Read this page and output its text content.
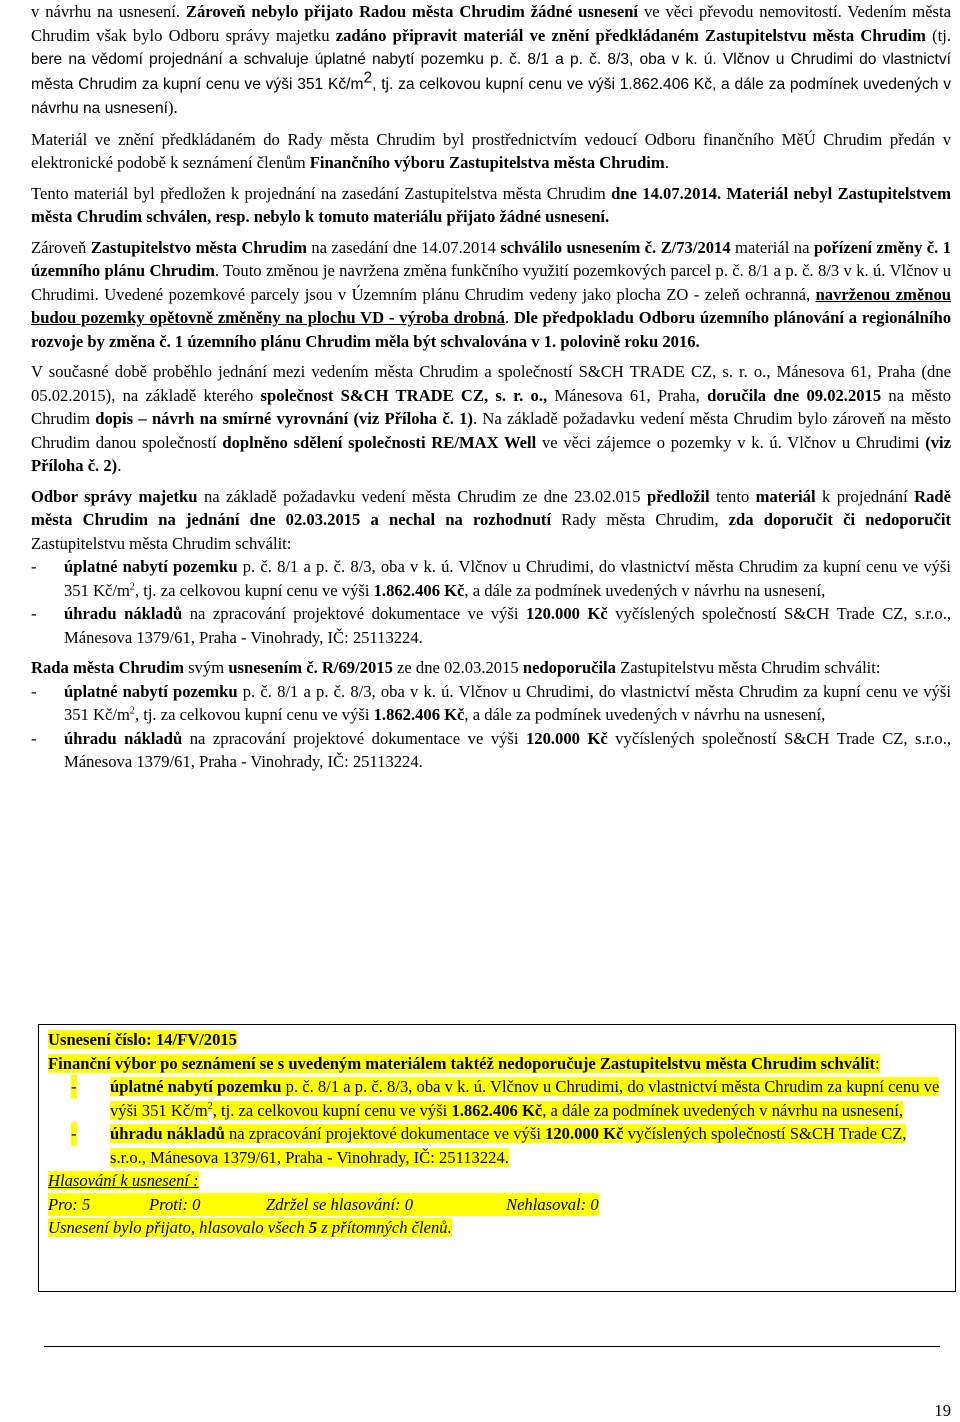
v návrhu na usnesení. Zároveň nebylo přijato Radou města Chrudim žádné usnesení ve věci převodu nemovitostí. Vedením města Chrudim však bylo Odboru správy majetku zadáno připravit materiál ve znění předkládaném Zastupitelstvu města Chrudim (tj. bere na vědomí projednání a schvaluje úplatné nabytí pozemku p. č. 8/1 a p. č. 8/3, oba v k. ú. Vlčnov u Chrudimi do vlastnictví města Chrudim za kupní cenu ve výši 351 $Kč/m^2$, tj. za celkovou kupní cenu ve výši 1.862.406 Kč, a dále za podmínek uvedených v návrhu na usnesení).

Materiál ve znění předkládaném do Rady města Chrudim byl prostřednictvím vedoucí Odboru finančního MěÚ Chrudim předán v elektronické podobě k seznámení členům Finančního výboru Zastupitelstva města Chrudim.

Tento materiál byl předložen k projednání na zasedání Zastupitelstva města Chrudim dne 14.07.2014. Materiál nebyl Zastupitelstvem města Chrudim schválen, resp. nebylo k tomuto materiálu přijato žádné usnesení.

Zároveň Zastupitelstvo města Chrudim na zasedání dne 14.07.2014 schválilo usnesením č. Z/73/2014 materiál na pořízení změny č. 1 územního plánu Chrudim. Touto změnou je navržena změna funkčního využití pozemkových parcel p. č. 8/1 a p. č. 8/3 v k. ú. Vlčnov u Chrudimi. Uvedené pozemkové parcely jsou v Územním plánu Chrudim vedeny jako plocha ZO - zeleň ochranná, navrženou změnou budou pozemky opětovně změněny na plochu VD - výroba drobná. Dle předpokladu Odboru územního plánování a regionálního rozvoje by změna č. 1 územního plánu Chrudim měla být schvalována v 1. polovině roku 2016.

V současné době proběhlo jednání mezi vedením města Chrudim a společností S&CH TRADE CZ, s. r. o., Mánesova 61, Praha (dne 05.02.2015), na základě kterého společnost S&CH TRADE CZ, s. r. o., Mánesova 61, Praha, doručila dne 09.02.2015 na město Chrudim dopis – návrh na smírné vyrovnání (viz Příloha č. 1). Na základě požadavku vedení města Chrudim bylo zároveň na město Chrudim danou společností doplněno sdělení společnosti RE/MAX Well ve věci zájemce o pozemky v k. ú. Vlčnov u Chrudimi (viz Příloha č. 2).

Odbor správy majetku na základě požadavku vedení města Chrudim ze dne 23.02.015 předložil tento materiál k projednání Radě města Chrudim na jednání dne 02.03.2015 a nechal na rozhodnutí Rady města Chrudim, zda doporučit či nedoporučit Zastupitelstvu města Chrudim schválit:

- úplatné nabytí pozemku p. č. 8/1 a p. č. 8/3, oba v k. ú. Vlčnov u Chrudimi, do vlastnictví města Chrudim za kupní cenu ve výši 351 $Kč/m^2$, tj. za celkovou kupní cenu ve výši 1.862.406 Kč, a dále za podmínek uvedených v návrhu na usnesení,

- úhradu nákladů na zpracování projektové dokumentace ve výši 120.000 Kč vyčíslených společností S&CH Trade CZ, s.r.o., Mánesova 1379/61, Praha - Vinohrady, IČ: 25113224.

Rada města Chrudim svým usnesením č. R/69/2015 ze dne 02.03.2015 nedoporučila Zastupitelstvu města Chrudim schválit:

- úplatné nabytí pozemku p. č. 8/1 a p. č. 8/3, oba v k. ú. Vlčnov u Chrudimi, do vlastnictví města Chrudim za kupní cenu ve výši 351 $Kč/m^2$, tj. za celkovou kupní cenu ve výši 1.862.406 Kč, a dále za podmínek uvedených v návrhu na usnesení,

- úhradu nákladů na zpracování projektové dokumentace ve výši 120.000 Kč vyčíslených společností S&CH Trade CZ, s.r.o., Mánesova 1379/61, Praha - Vinohrady, IČ: 25113224.

Usnesení číslo: 14/FV/2015

Finanční výbor po seznámení se s uvedeným materiálem taktéž nedoporučuje Zastupitelstvu města Chrudim schválit:

- úplatné nabytí pozemku p. č. 8/1 a p. č. 8/3, oba v k. ú. Vlčnov u Chrudimi, do vlastnictví města Chrudim za kupní cenu ve výši 351 $Kč/m^2$, tj. za celkovou kupní cenu ve výši 1.862.406 Kč, a dále za podmínek uvedených v návrhu na usnesení,

- úhradu nákladů na zpracování projektové dokumentace ve výši 120.000 Kč vyčíslených společností S&CH Trade CZ, s.r.o., Mánesova 1379/61, Praha - Vinohrady, IČ: 25113224.

Hlasování k usnesení :

Pro: 5	Proti: 0	Zdržel se hlasování: 0	Nehlasoval: 0

Usnesení bylo přijato, hlasovalo všech 5 z přítomných členů.

19
